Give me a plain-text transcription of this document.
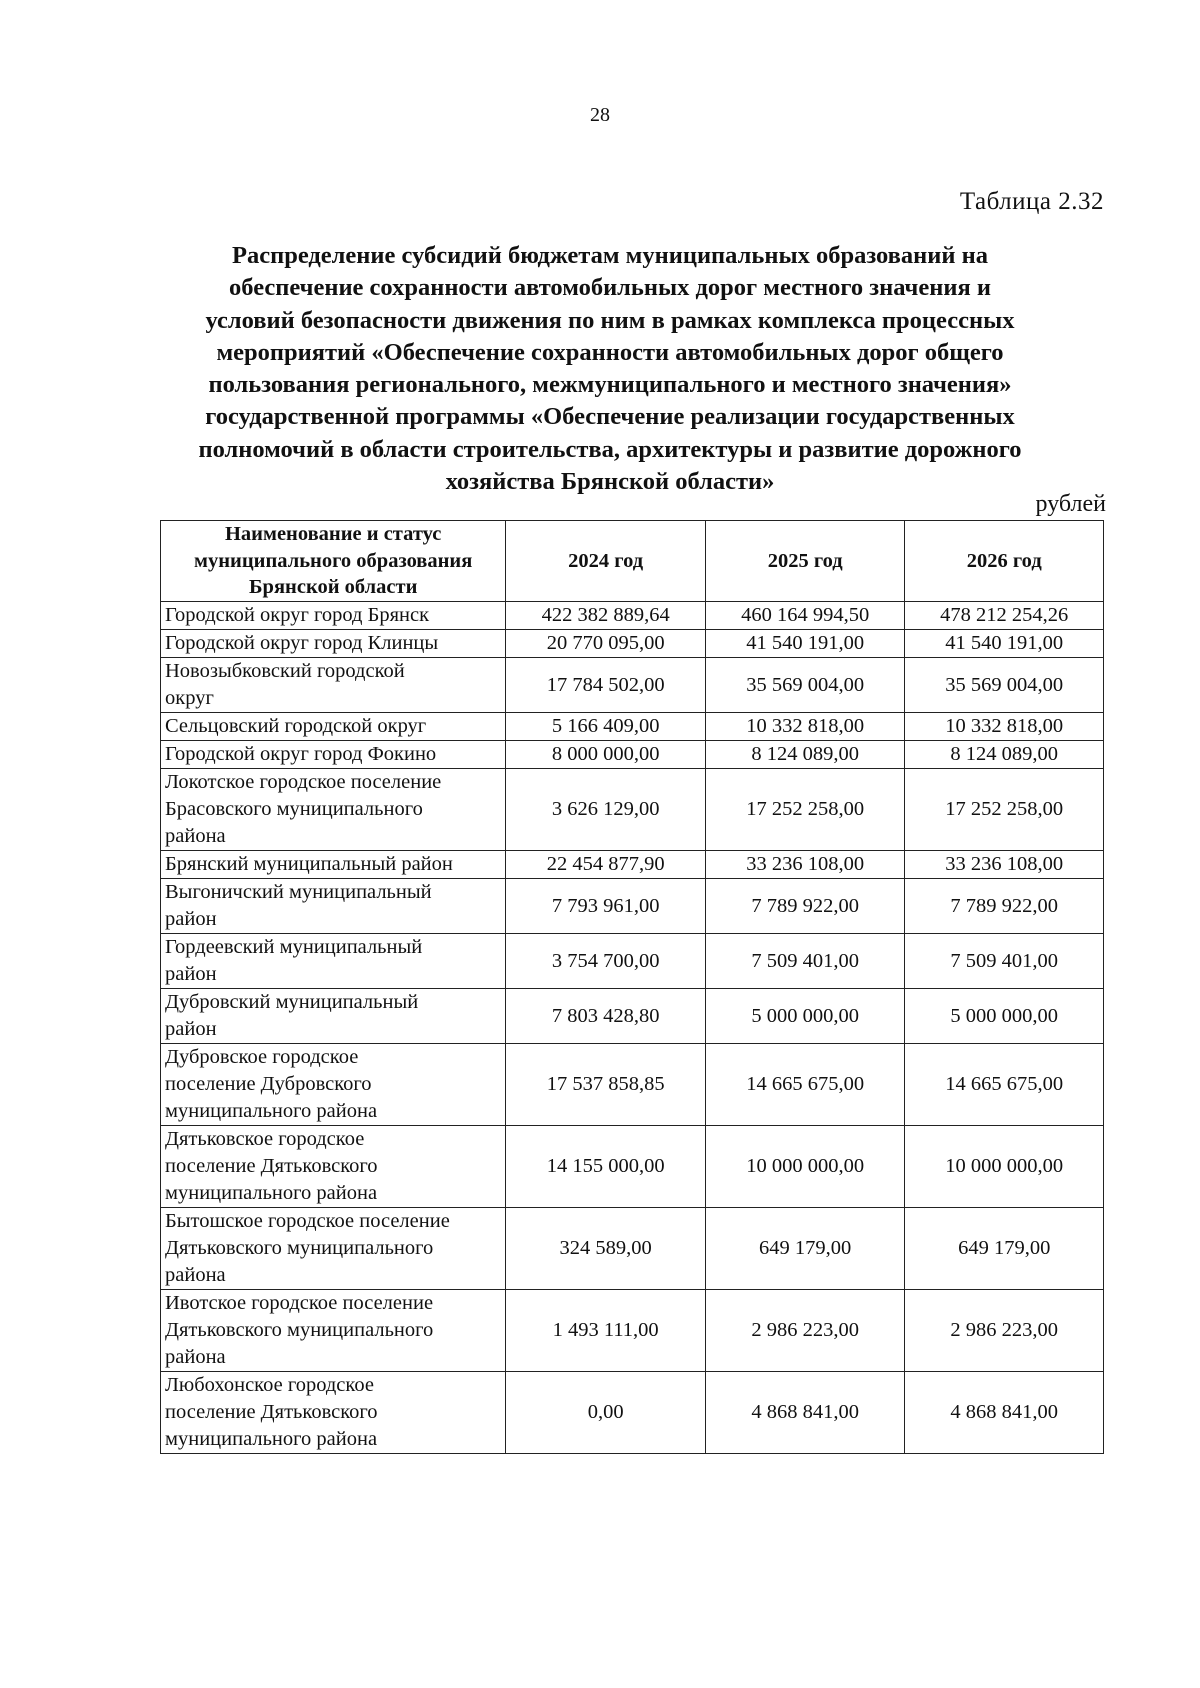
28
Таблица 2.32
Распределение субсидий бюджетам муниципальных образований на
обеспечение сохранности автомобильных дорог местного значения и
условий безопасности движения по ним в рамках комплекса процессных
мероприятий «Обеспечение сохранности автомобильных дорог общего
пользования регионального, межмуниципального и местного значения»
государственной программы «Обеспечение реализации государственных
полномочий в области строительства, архитектуры и развитие дорожного
хозяйства Брянской области»
рублей
Наименование и статус
муниципального образования
Брянской области	2024 год	2025 год	2026 год
Городской округ город Брянск	422 382 889,64	460 164 994,50	478 212 254,26
Городской округ город Клинцы	20 770 095,00	41 540 191,00	41 540 191,00
Новозыбковский городской
округ	17 784 502,00	35 569 004,00	35 569 004,00
Сельцовский городской округ	5 166 409,00	10 332 818,00	10 332 818,00
Городской округ город Фокино	8 000 000,00	8 124 089,00	8 124 089,00
Локотское городское поселение
Брасовского муниципального
района	3 626 129,00	17 252 258,00	17 252 258,00
Брянский муниципальный район	22 454 877,90	33 236 108,00	33 236 108,00
Выгоничский муниципальный
район	7 793 961,00	7 789 922,00	7 789 922,00
Гордеевский муниципальный
район	3 754 700,00	7 509 401,00	7 509 401,00
Дубровский муниципальный
район	7 803 428,80	5 000 000,00	5 000 000,00
Дубровское городское
поселение Дубровского
муниципального района	17 537 858,85	14 665 675,00	14 665 675,00
Дятьковское городское
поселение Дятьковского
муниципального района	14 155 000,00	10 000 000,00	10 000 000,00
Бытошское городское поселение
Дятьковского муниципального
района	324 589,00	649 179,00	649 179,00
Ивотское городское поселение
Дятьковского муниципального
района	1 493 111,00	2 986 223,00	2 986 223,00
Любохонское городское
поселение Дятьковского
муниципального района	0,00	4 868 841,00	4 868 841,00
